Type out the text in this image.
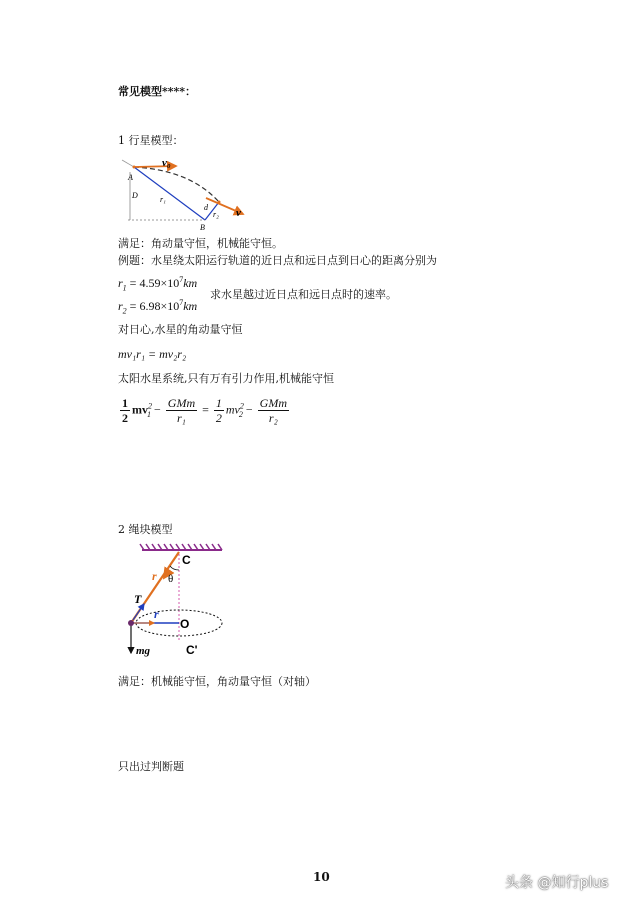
常见模型****：
1 行星模型：
v₀
A
D	r₁
d
r₂
B
v
满足：角动量守恒，机械能守恒。
例题：水星绕太阳运行轨道的近日点和远日点到日心的距离分别为
$r_1 = 4.59\times 10^7km$
$r_2 = 6.98\times 10^7km$
求水星越过近日点和远日点时的速率。
对日心,水星的角动量守恒
mv₁r₁ = mv₂r₂
太阳水星系统,只有万有引力作用,机械能守恒
$\frac{1}{2} mv^2_1 - \frac{\text{GMm}}{\text{r₁}} = \frac{1}{2} mv^2_2 - \frac{\text{GMm}}{\text{r₂}}$
2 绳块模型
C
θ
r
T
r
O
mg	C'
满足：机械能守恒，角动量守恒（对轴）
只出过判断题
10	头条 @知行plus
